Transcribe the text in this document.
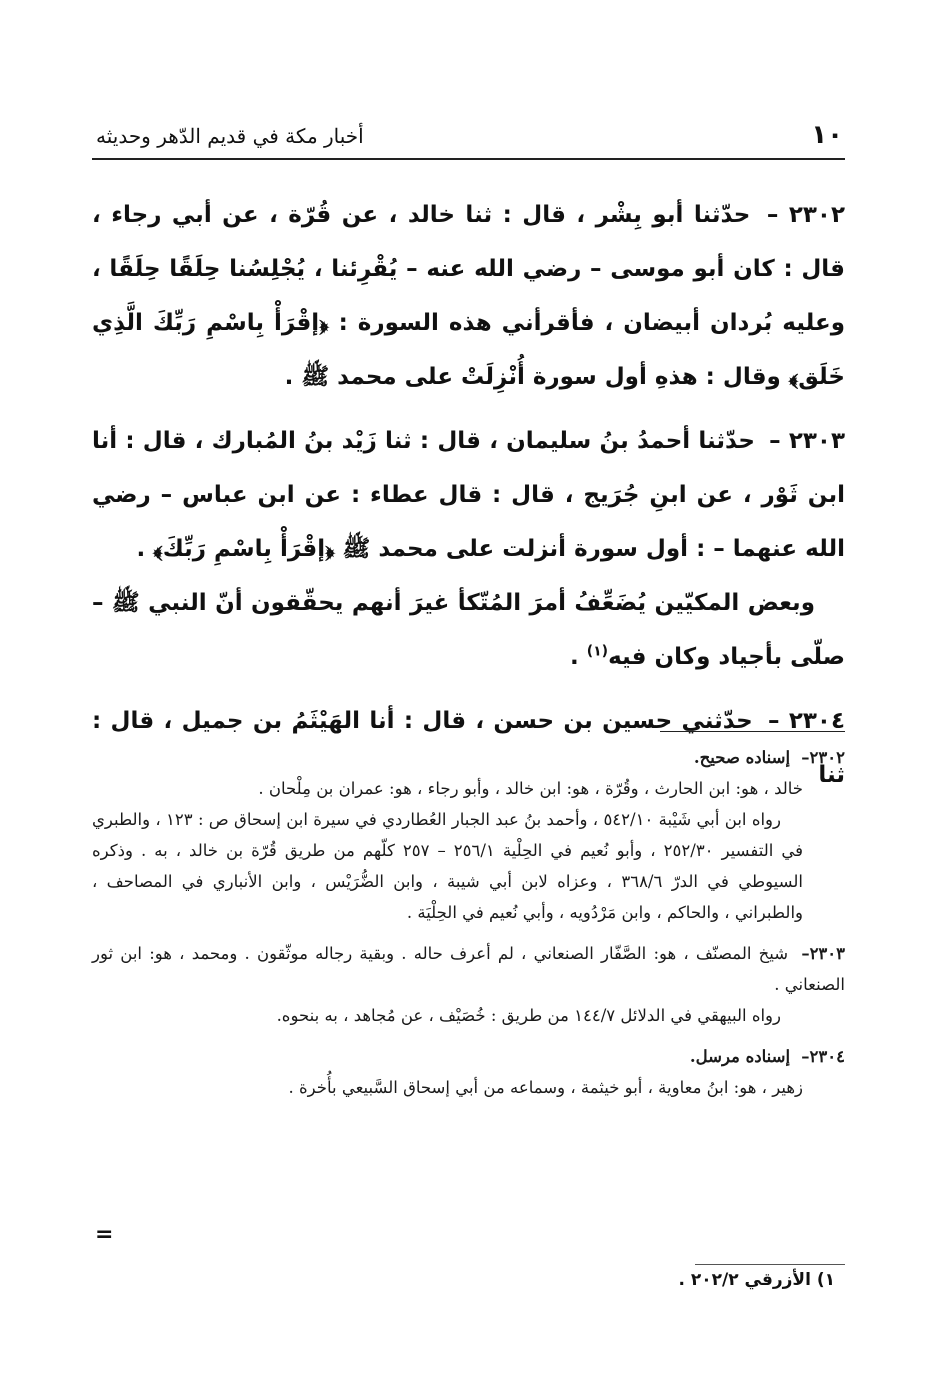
١٠
أخبار مكة في قديم الدّهر وحديثه

٢٣٠٢ – حدّثنا أبو بِشْر ، قال : ثنا خالد ، عن قُرّة ، عن أبي رجاء ، قال : كان أبو موسى – رضي الله عنه – يُقْرِئنا ، يُجْلِسُنا حِلَقًا حِلَقًا ، وعليه بُردان أبيضان ، فأقرأني هذه السورة : ﴿إقْرَأْ بِاسْمِ رَبِّكَ الَّذِي خَلَق﴾ وقال : هذهِ أول سورة أُنْزِلَتْ على محمد ﷺ .

٢٣٠٣ – حدّثنا أحمدُ بنُ سليمان ، قال : ثنا زَيْد بنُ المُبارك ، قال : أنا ابن ثَوْر ، عن ابنِ جُرَيج ، قال : قال عطاء : عن ابن عباس – رضي الله عنهما – : أول سورة أنزلت على محمد ﷺ ﴿إقْرَأْ بِاسْمِ رَبِّكَ﴾ .

وبعض المكيّين يُضَعِّفُ أمرَ المُتّكأ غيرَ أنهم يحقّقون أنّ النبي ﷺ – صلّى بأجياد وكان فيه$^{(١)}$ .

٢٣٠٤ – حدّثني حسين بن حسن ، قال : أنا الهَيْثَمُ بن جميل ، قال : ثنا

٢٣٠٢– إسناده صحيح.

خالد ، هو: ابن الحارث ، وقُرّة ، هو: ابن خالد ، وأبو رجاء ، هو: عمران بن مِلْحان .

رواه ابن أبي شَيْبة ٥٤٢/١٠ ، وأحمد بنُ عبد الجبار العُطاردي في سيرة ابن إسحاق ص : ١٢٣ ، والطبري في التفسير ٢٥٢/٣٠ ، وأبو نُعيم في الحِلْية ٢٥٦/١ – ٢٥٧ كلّهم من طريق قُرّة بن خالد ، به . وذكره السيوطي في الدرّ ٣٦٨/٦ ، وعزاه لابن أبي شيبة ، وابن الضُّرَيْس ، وابن الأنباري في المصاحف ، والطبراني ، والحاكم ، وابن مَرْدُويه ، وأبي نُعيم في الحِلْيَة .

٢٣٠٣– شيخ المصنّف ، هو: الصَّفّار الصنعاني ، لم أعرف حاله . وبقية رجاله موثّقون . ومحمد ، هو: ابن ثور الصنعاني .

رواه البيهقي في الدلائل ١٤٤/٧ من طريق : خُصَيْف ، عن مُجاهد ، به بنحوه.

٢٣٠٤– إسناده مرسل.

زهير ، هو: ابنُ معاوية ، أبو خيثمة ، وسماعه من أبي إسحاق السَّبيعي بأُخرة .

=
١) الأزرقي ٢٠٢/٢ .
